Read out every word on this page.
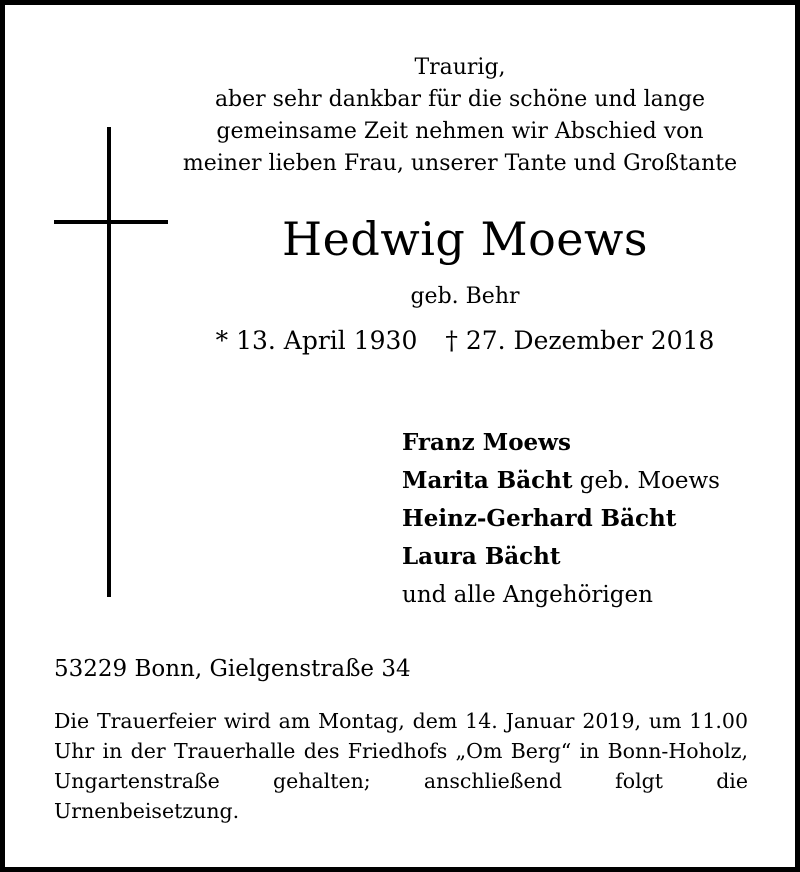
Traurig,
aber sehr dankbar für die schöne und lange
gemeinsame Zeit nehmen wir Abschied von
meiner lieben Frau, unserer Tante und Großtante
Hedwig Moews
geb. Behr
* 13. April 1930 † 27. Dezember 2018
Franz Moews
Marita Bächt geb. Moews
Heinz-Gerhard Bächt
Laura Bächt
und alle Angehörigen
53229 Bonn, Gielgenstraße 34
Die Trauerfeier wird am Montag, dem 14. Januar 2019, um 11.00 Uhr in der Trauerhalle des Friedhofs „Om Berg“ in Bonn-Hoholz, Ungartenstraße gehalten; anschließend folgt die Urnenbeisetzung.
